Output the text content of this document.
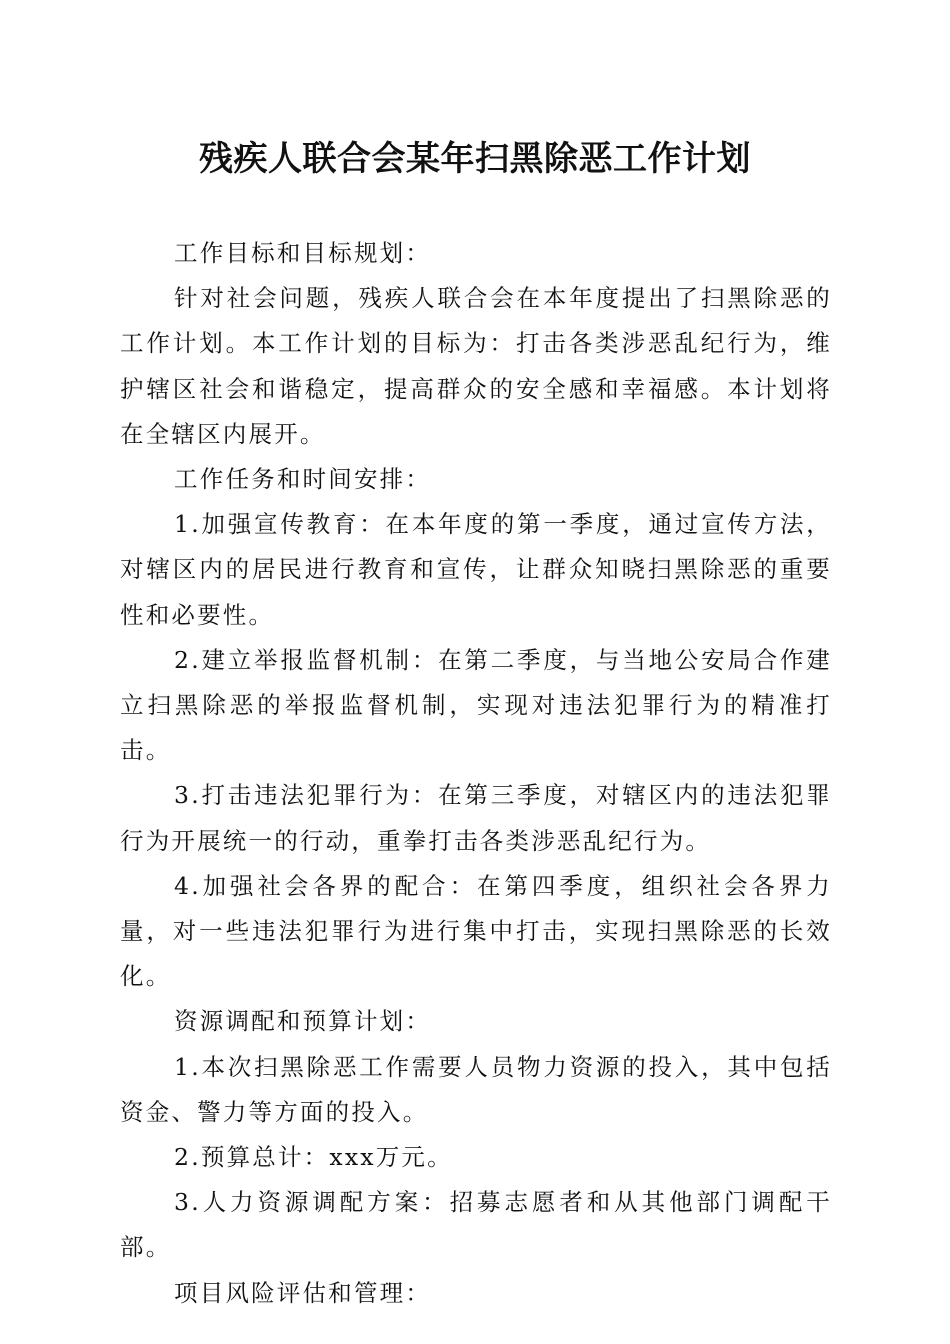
残疾人联合会某年扫黑除恶工作计划

工作目标和目标规划：

针对社会问题，残疾人联合会在本年度提出了扫黑除恶的工作计划。本工作计划的目标为：打击各类涉恶乱纪行为，维护辖区社会和谐稳定，提高群众的安全感和幸福感。本计划将在全辖区内展开。

工作任务和时间安排：

1.加强宣传教育：在本年度的第一季度，通过宣传方法，对辖区内的居民进行教育和宣传，让群众知晓扫黑除恶的重要性和必要性。

2.建立举报监督机制：在第二季度，与当地公安局合作建立扫黑除恶的举报监督机制，实现对违法犯罪行为的精准打击。

3.打击违法犯罪行为：在第三季度，对辖区内的违法犯罪行为开展统一的行动，重拳打击各类涉恶乱纪行为。

4.加强社会各界的配合：在第四季度，组织社会各界力量，对一些违法犯罪行为进行集中打击，实现扫黑除恶的长效化。

资源调配和预算计划：

1.本次扫黑除恶工作需要人员物力资源的投入，其中包括资金、警力等方面的投入。

2.预算总计：xxx万元。

3.人力资源调配方案：招募志愿者和从其他部门调配干部。

项目风险评估和管理：
